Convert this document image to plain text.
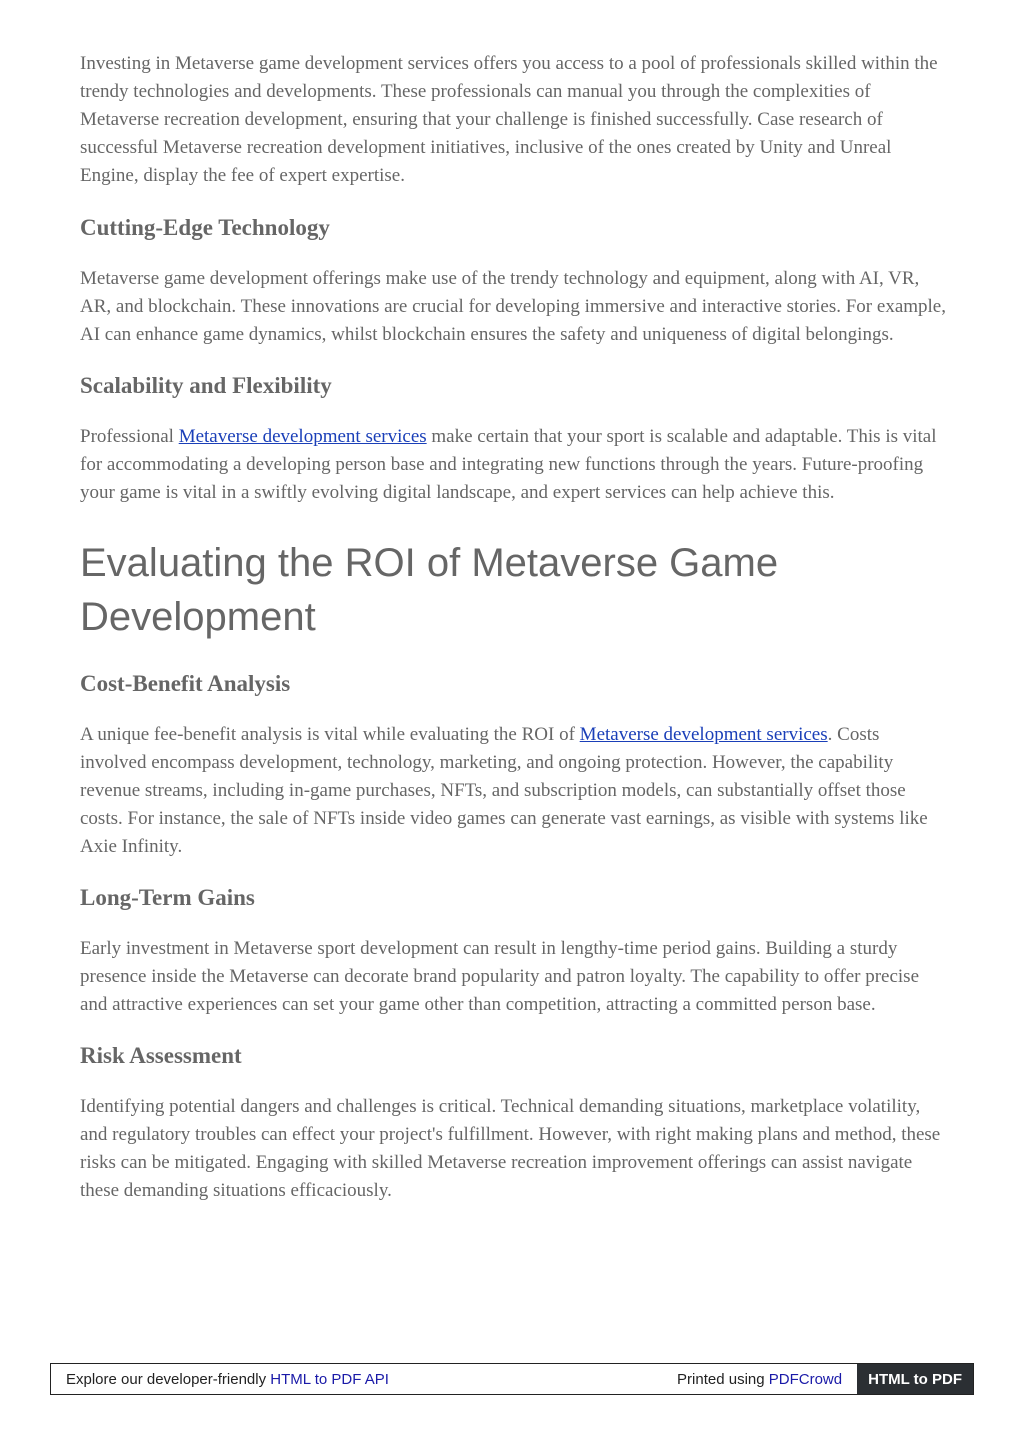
Investing in Metaverse game development services offers you access to a pool of professionals skilled within the trendy technologies and developments. These professionals can manual you through the complexities of Metaverse recreation development, ensuring that your challenge is finished successfully. Case research of successful Metaverse recreation development initiatives, inclusive of the ones created by Unity and Unreal Engine, display the fee of expert expertise.

Cutting-Edge Technology

Metaverse game development offerings make use of the trendy technology and equipment, along with AI, VR, AR, and blockchain. These innovations are crucial for developing immersive and interactive stories. For example, AI can enhance game dynamics, whilst blockchain ensures the safety and uniqueness of digital belongings.

Scalability and Flexibility

Professional Metaverse development services make certain that your sport is scalable and adaptable. This is vital for accommodating a developing person base and integrating new functions through the years. Future-proofing your game is vital in a swiftly evolving digital landscape, and expert services can help achieve this.

Evaluating the ROI of Metaverse Game Development
Cost-Benefit Analysis

A unique fee-benefit analysis is vital while evaluating the ROI of Metaverse development services. Costs involved encompass development, technology, marketing, and ongoing protection. However, the capability revenue streams, including in-game purchases, NFTs, and subscription models, can substantially offset those costs. For instance, the sale of NFTs inside video games can generate vast earnings, as visible with systems like Axie Infinity.

Long-Term Gains

Early investment in Metaverse sport development can result in lengthy-time period gains. Building a sturdy presence inside the Metaverse can decorate brand popularity and patron loyalty. The capability to offer precise and attractive experiences can set your game other than competition, attracting a committed person base.

Risk Assessment

Identifying potential dangers and challenges is critical. Technical demanding situations, marketplace volatility, and regulatory troubles can effect your project's fulfillment. However, with right making plans and method, these risks can be mitigated. Engaging with skilled Metaverse recreation improvement offerings can assist navigate these demanding situations efficaciously.

Explore our developer-friendly
HTML to PDF API	Printed using
PDFCrowd	HTML to PDF
